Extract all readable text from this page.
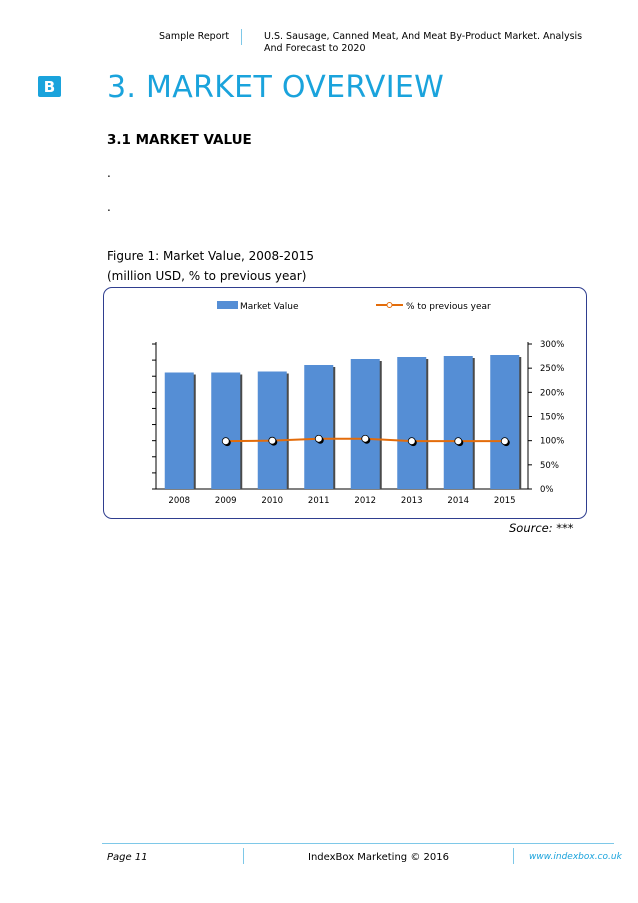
Sample Report	U.S. Sausage, Canned Meat, And Meat By-Product Market. Analysis And Forecast to 2020
B 3. MARKET OVERVIEW
3.1 MARKET VALUE
.
.
Figure 1: Market Value, 2008-2015
(million USD, % to previous year)
Market Value	% to previous year
0%
50%
100%
150%
200%
250%
300%
2008	2009	2010	2011	2012	2013	2014	2015
Source: ***
Page 11	IndexBox Marketing © 2016	www.indexbox.co.uk
